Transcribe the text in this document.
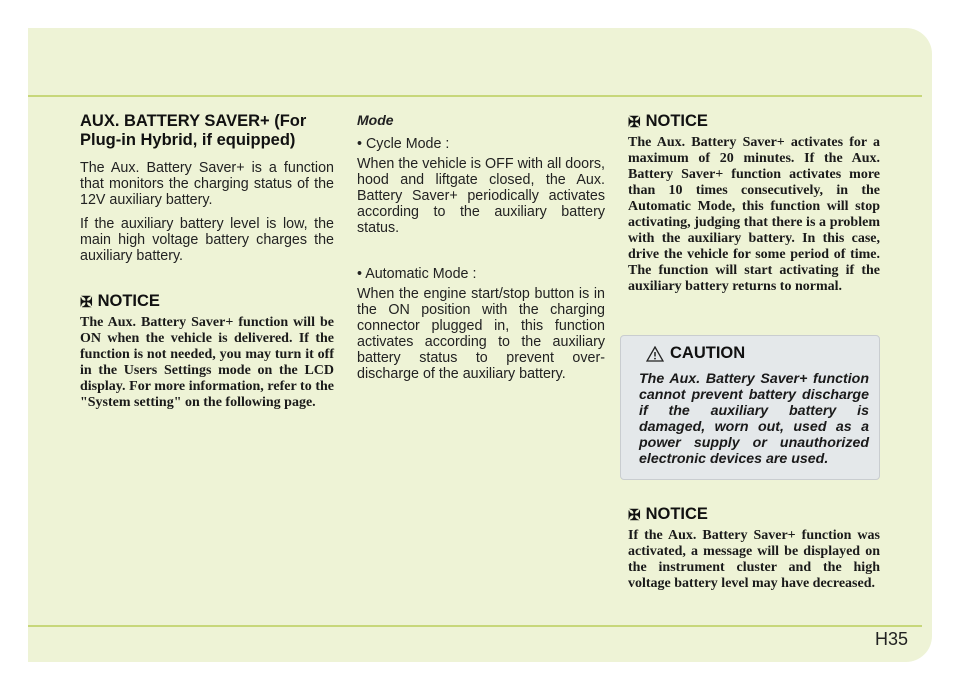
H35
AUX. BATTERY SAVER+ (For Plug-in Hybrid, if equipped)

The Aux. Battery Saver+ is a function that monitors the charging status of the 12V auxiliary battery.

If the auxiliary battery level is low, the main high voltage battery charges the auxiliary battery.

✠ NOTICE

The Aux. Battery Saver+ function will be ON when the vehicle is delivered. If the function is not needed, you may turn it off in the Users Settings mode on the LCD display. For more information, refer to the "System setting" on the following page.

Mode
• Cycle Mode :

When the vehicle is OFF with all doors, hood and liftgate closed, the Aux. Battery Saver+ periodically activates according to the auxiliary battery status.

• Automatic Mode :

When the engine start/stop button is in the ON position with the charging connector plugged in, this function activates according to the auxiliary battery status to prevent over-discharge of the auxiliary battery.

✠ NOTICE

The Aux. Battery Saver+ activates for a maximum of 20 minutes. If the Aux. Battery Saver+ function activates more than 10 times consecutively, in the Automatic Mode, this function will stop activating, judging that there is a problem with the auxiliary battery. In this case, drive the vehicle for some period of time. The function will start activating if the auxiliary battery returns to normal.

CAUTION
The Aux. Battery Saver+ function cannot prevent battery discharge if the auxiliary battery is damaged, worn out, used as a power supply or unauthorized electronic devices are used.
✠ NOTICE

If the Aux. Battery Saver+ function was activated, a message will be displayed on the instrument cluster and the high voltage battery level may have decreased.
